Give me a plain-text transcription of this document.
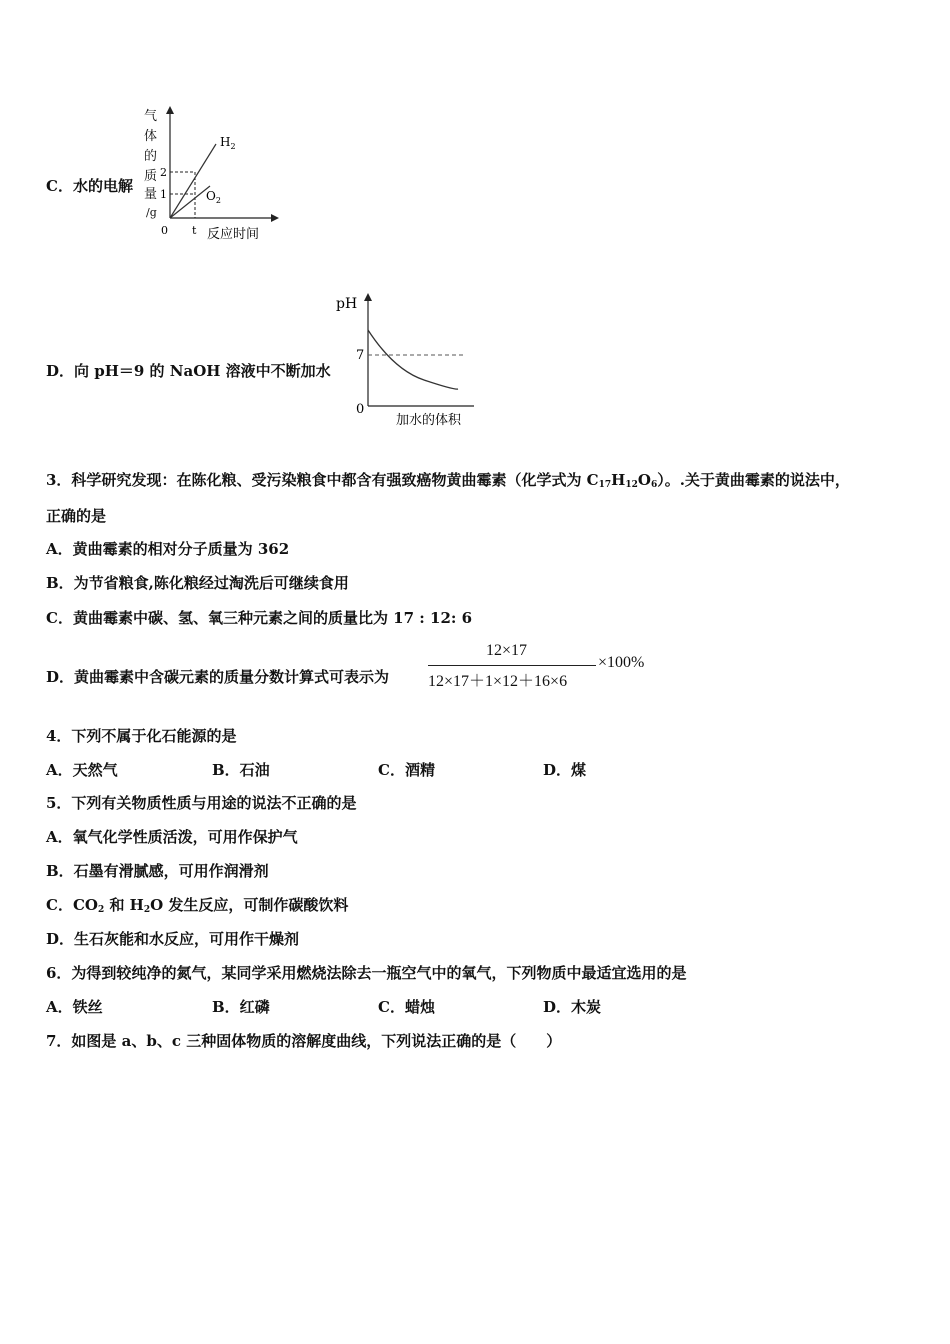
C．水的电解
气
体
的
质
量
/g
2
1
$H_2$
$O_2$
0 t 反应时间
D．向 pH＝9 的 NaOH 溶液中不断加水
pH
7
0
加水的体积
3．科学研究发现：在陈化粮、受污染粮食中都含有强致癌物黄曲霉素（化学式为 $C_{17}H_{12}O_6$）。.关于黄曲霉素的说法中，
正确的是
A．黄曲霉素的相对分子质量为 362
B．为节省粮食,陈化粮经过淘洗后可继续食用
C．黄曲霉素中碳、氢、氧三种元素之间的质量比为 17 : 12: 6
D．黄曲霉素中含碳元素的质量分数计算式可表示为
12×17
12×17＋1×12＋16×6
×100%
4．下列不属于化石能源的是
A．天然气	B．石油	C．酒精	D．煤
5．下列有关物质性质与用途的说法不正确的是
A．氧气化学性质活泼，可用作保护气
B．石墨有滑腻感，可用作润滑剂
C．$CO_2$ 和 $H_2O$ 发生反应，可制作碳酸饮料
D．生石灰能和水反应，可用作干燥剂
6．为得到较纯净的氮气，某同学采用燃烧法除去一瓶空气中的氧气，下列物质中最适宜选用的是
A．铁丝	B．红磷	C．蜡烛	D．木炭
7．如图是 a、b、c 三种固体物质的溶解度曲线，下列说法正确的是（　　）
